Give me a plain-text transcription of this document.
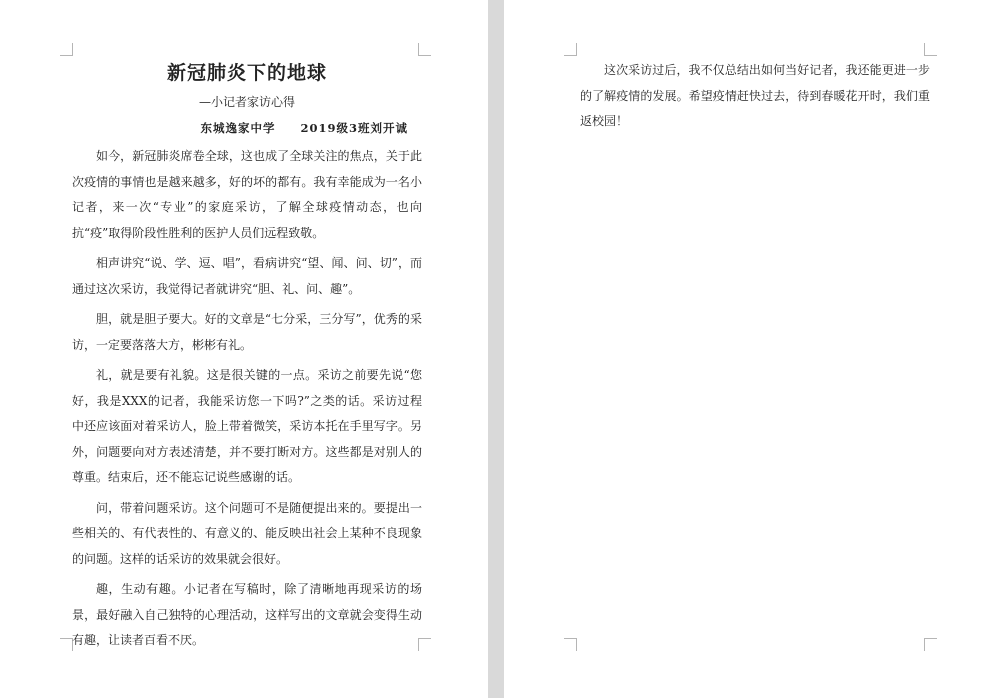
新冠肺炎下的地球
—小记者家访心得
东城逸家中学　　2019级3班刘开诚

如今，新冠肺炎席卷全球，这也成了全球关注的焦点，关于此次疫情的事情也是越来越多，好的坏的都有。我有幸能成为一名小记者，来一次“专业”的家庭采访，了解全球疫情动态，也向抗“疫”取得阶段性胜利的医护人员们远程致敬。

相声讲究“说、学、逗、唱”，看病讲究“望、闻、问、切”，而通过这次采访，我觉得记者就讲究“胆、礼、问、趣”。

胆，就是胆子要大。好的文章是“七分采，三分写”，优秀的采访，一定要落落大方，彬彬有礼。

礼，就是要有礼貌。这是很关键的一点。采访之前要先说“您好，我是XXX的记者，我能采访您一下吗?”之类的话。采访过程中还应该面对着采访人，脸上带着微笑，采访本托在手里写字。另外，问题要向对方表述清楚，并不要打断对方。这些都是对别人的尊重。结束后，还不能忘记说些感谢的话。

问，带着问题采访。这个问题可不是随便提出来的。要提出一些相关的、有代表性的、有意义的、能反映出社会上某种不良现象的问题。这样的话采访的效果就会很好。

趣，生动有趣。小记者在写稿时，除了清晰地再现采访的场景，最好融入自己独特的心理活动，这样写出的文章就会变得生动有趣，让读者百看不厌。

这次采访过后，我不仅总结出如何当好记者，我还能更进一步的了解疫情的发展。希望疫情赶快过去，待到春暖花开时，我们重返校园！
